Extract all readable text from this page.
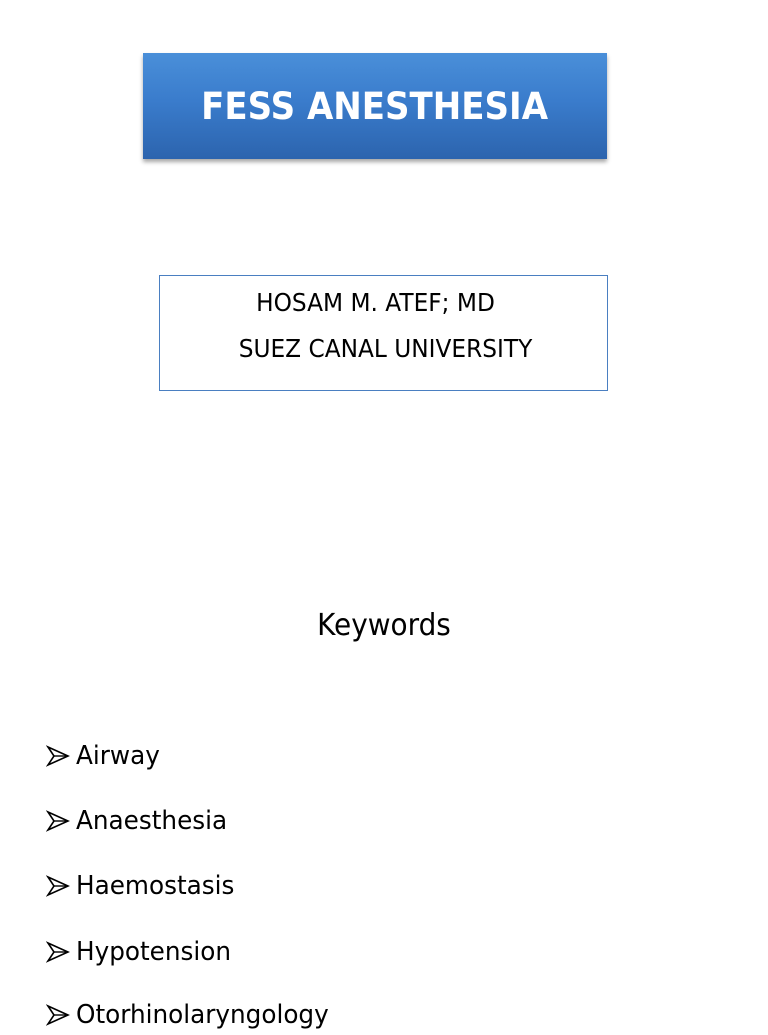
FESS ANESTHESIA
HOSAM M. ATEF; MD
SUEZ CANAL UNIVERSITY
Keywords
Airway
Anaesthesia
Haemostasis
Hypotension
Otorhinolaryngology
